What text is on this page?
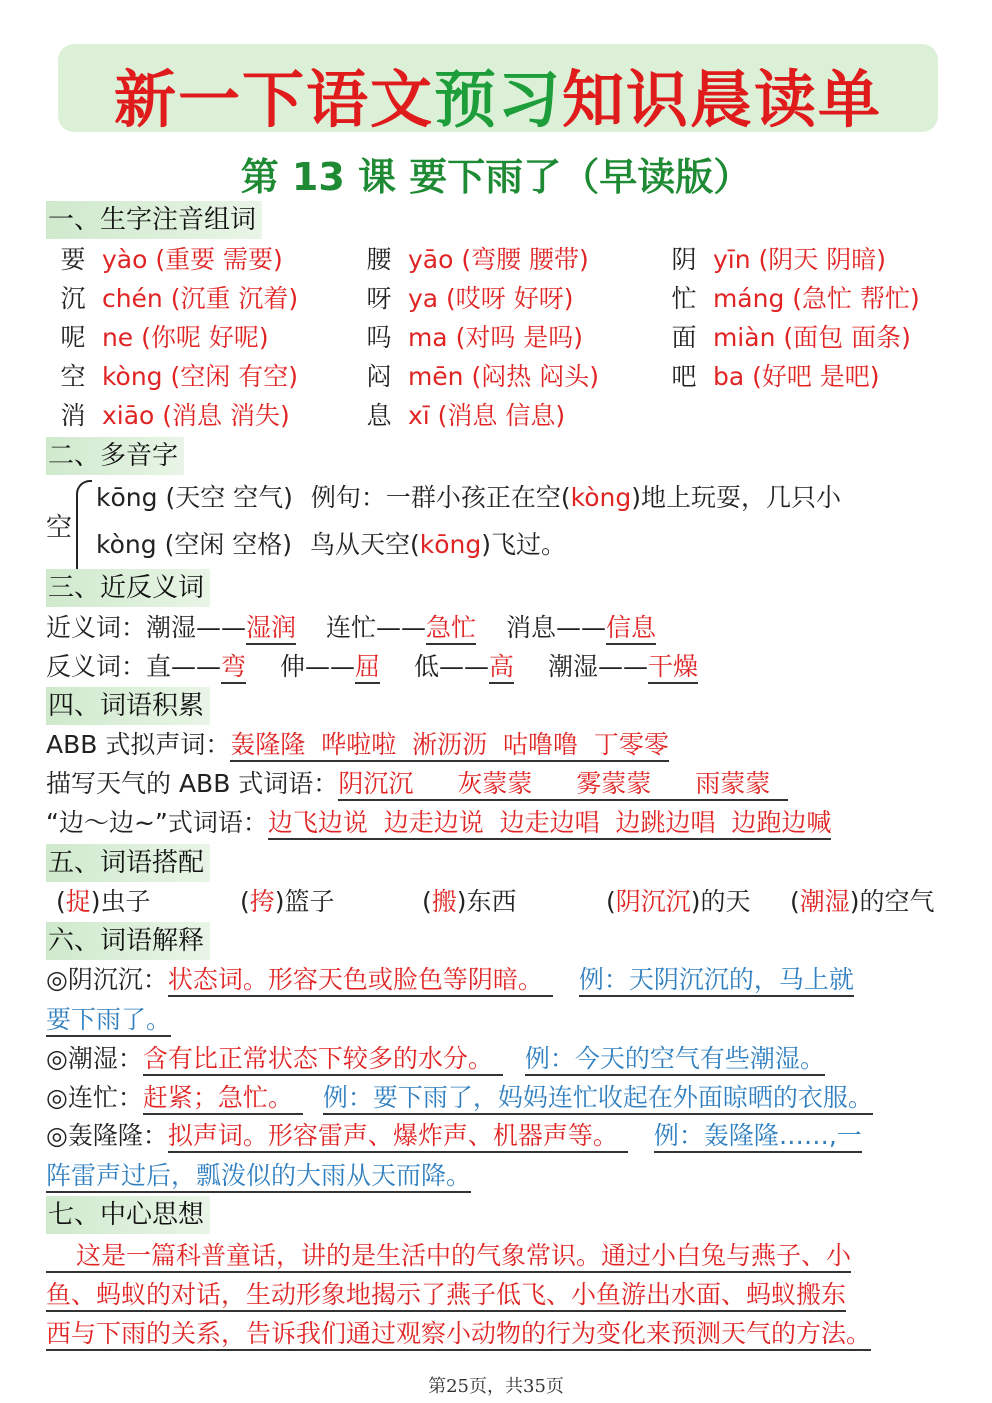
新一下语文预习知识晨读单
第 13 课 要下雨了（早读版）
一、生字注音组词
要 yào (重要 需要)	腰 yāo (弯腰 腰带)	阴 yīn (阴天 阴暗)
沉 chén (沉重 沉着)	呀 ya (哎呀 好呀)	忙 máng (急忙 帮忙)
呢 ne (你呢 好呢)	吗 ma (对吗 是吗)	面 miàn (面包 面条)
空 kòng (空闲 有空)	闷 mēn (闷热 闷头)	吧 ba (好吧 是吧)
消 xiāo (消息 消失)	息 xī (消息 信息)
二、多音字
空
kōng (天空 空气) 例句：一群小孩正在空(kòng)地上玩耍，几只小
kòng (空闲 空格) 鸟从天空(kōng)飞过。
三、近反义词
近义词：潮湿——湿润 连忙——急忙 消息——信息
反义词：直——弯 伸——屈 低——高 潮湿——干燥
四、词语积累
ABB 式拟声词：轰隆隆  哗啦啦  淅沥沥  咕噜噜  丁零零
描写天气的 ABB 式词语：阴沉沉 灰蒙蒙 雾蒙蒙 雨蒙蒙
“边～边~”式词语：边飞边说  边走边说  边走边唱  边跳边唱  边跑边喊
五、词语搭配
(捉)虫子	(挎)篮子	(搬)东西	(阴沉沉)的天 (潮湿)的空气
六、词语解释
◎阴沉沉：状态词。形容天色或脸色等阴暗。 例：天阴沉沉的，马上就
要下雨了。
◎潮湿：含有比正常状态下较多的水分。 例：今天的空气有些潮湿。
◎连忙：赶紧；急忙。 例：要下雨了，妈妈连忙收起在外面晾晒的衣服。
◎轰隆隆：拟声词。形容雷声、爆炸声、机器声等。 例：轰隆隆……,一
阵雷声过后，瓢泼似的大雨从天而降。
七、中心思想
这是一篇科普童话，讲的是生活中的气象常识。通过小白兔与燕子、小
鱼、蚂蚁的对话，生动形象地揭示了燕子低飞、小鱼游出水面、蚂蚁搬东
西与下雨的关系，告诉我们通过观察小动物的行为变化来预测天气的方法。
第25页，共35页
